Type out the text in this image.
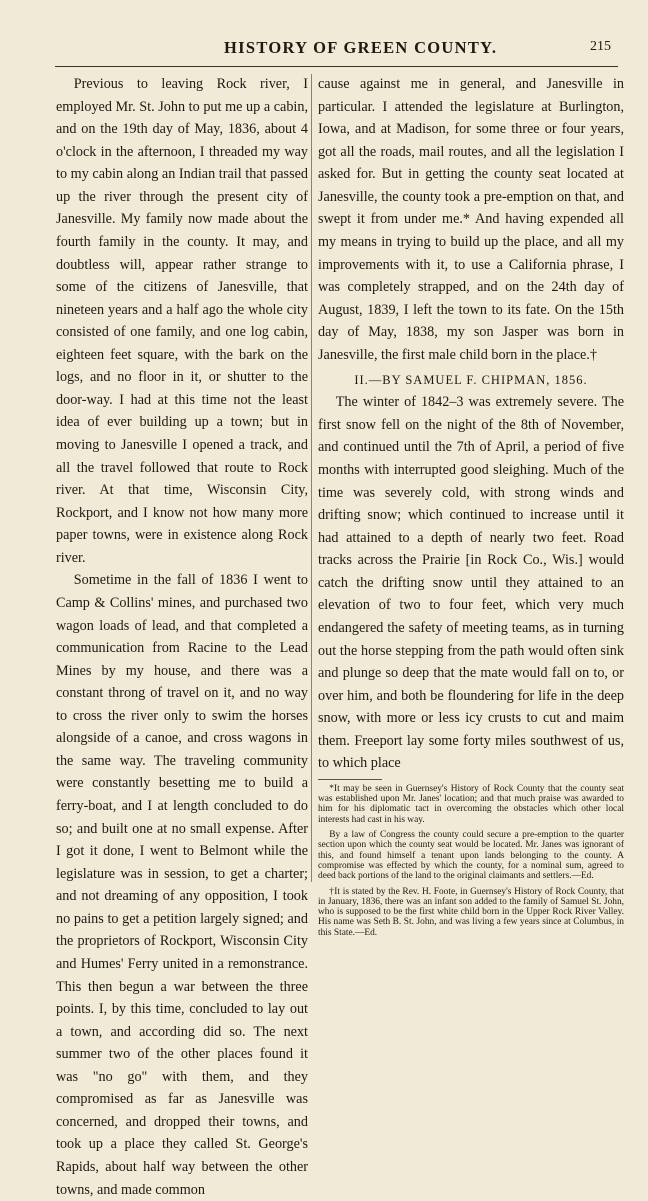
HISTORY OF GREEN COUNTY.	215

Previous to leaving Rock river, I employed Mr. St. John to put me up a cabin, and on the 19th day of May, 1836, about 4 o'clock in the afternoon, I threaded my way to my cabin along an Indian trail that passed up the river through the present city of Janesville. My family now made about the fourth family in the county. It may, and doubtless will, appear rather strange to some of the citizens of Janesville, that nineteen years and a half ago the whole city consisted of one family, and one log cabin, eighteen feet square, with the bark on the logs, and no floor in it, or shutter to the door-way. I had at this time not the least idea of ever building up a town; but in moving to Janesville I opened a track, and all the travel followed that route to Rock river. At that time, Wisconsin City, Rockport, and I know not how many more paper towns, were in existence along Rock river.

Sometime in the fall of 1836 I went to Camp & Collins' mines, and purchased two wagon loads of lead, and that completed a communication from Racine to the Lead Mines by my house, and there was a constant throng of travel on it, and no way to cross the river only to swim the horses alongside of a canoe, and cross wagons in the same way. The traveling community were constantly besetting me to build a ferry-boat, and I at length concluded to do so; and built one at no small expense. After I got it done, I went to Belmont while the legislature was in session, to get a charter; and not dreaming of any opposition, I took no pains to get a petition largely signed; and the proprietors of Rockport, Wisconsin City and Humes' Ferry united in a remonstrance. This then begun a war between the three points. I, by this time, concluded to lay out a town, and according did so. The next summer two of the other places found it was "no go" with them, and they compromised as far as Janesville was concerned, and dropped their towns, and took up a place they called St. George's Rapids, about half way between the other towns, and made common

cause against me in general, and Janesville in particular. I attended the legislature at Burlington, Iowa, and at Madison, for some three or four years, got all the roads, mail routes, and all the legislation I asked for. But in getting the county seat located at Janesville, the county took a pre-emption on that, and swept it from under me.* And having expended all my means in trying to build up the place, and all my improvements with it, to use a California phrase, I was completely strapped, and on the 24th day of August, 1839, I left the town to its fate. On the 15th day of May, 1838, my son Jasper was born in Janesville, the first male child born in the place.†

II.—BY SAMUEL F. CHIPMAN, 1856.

The winter of 1842–3 was extremely severe. The first snow fell on the night of the 8th of November, and continued until the 7th of April, a period of five months with interrupted good sleighing. Much of the time was severely cold, with strong winds and drifting snow; which continued to increase until it had attained to a depth of nearly two feet. Road tracks across the Prairie [in Rock Co., Wis.] would catch the drifting snow until they attained to an elevation of two to four feet, which very much endangered the safety of meeting teams, as in turning out the horse stepping from the path would often sink and plunge so deep that the mate would fall on to, or over him, and both be floundering for life in the deep snow, with more or less icy crusts to cut and maim them. Freeport lay some forty miles southwest of us, to which place

*It may be seen in Guernsey's History of Rock County that the county seat was established upon Mr. Janes' location; and that much praise was awarded to him for his diplomatic tact in overcoming the obstacles which other local interests had cast in his way.

By a law of Congress the county could secure a pre-emption to the quarter section upon which the county seat would be located. Mr. Janes was ignorant of this, and found himself a tenant upon lands belonging to the county. A compromise was effected by which the county, for a nominal sum, agreed to deed back portions of the land to the original claimants and settlers.—Ed.

†It is stated by the Rev. H. Foote, in Guernsey's History of Rock County, that in January, 1836, there was an infant son added to the family of Samuel St. John, who is supposed to be the first white child born in the Upper Rock River Valley. His name was Seth B. St. John, and was living a few years since at Columbus, in this State.—Ed.
